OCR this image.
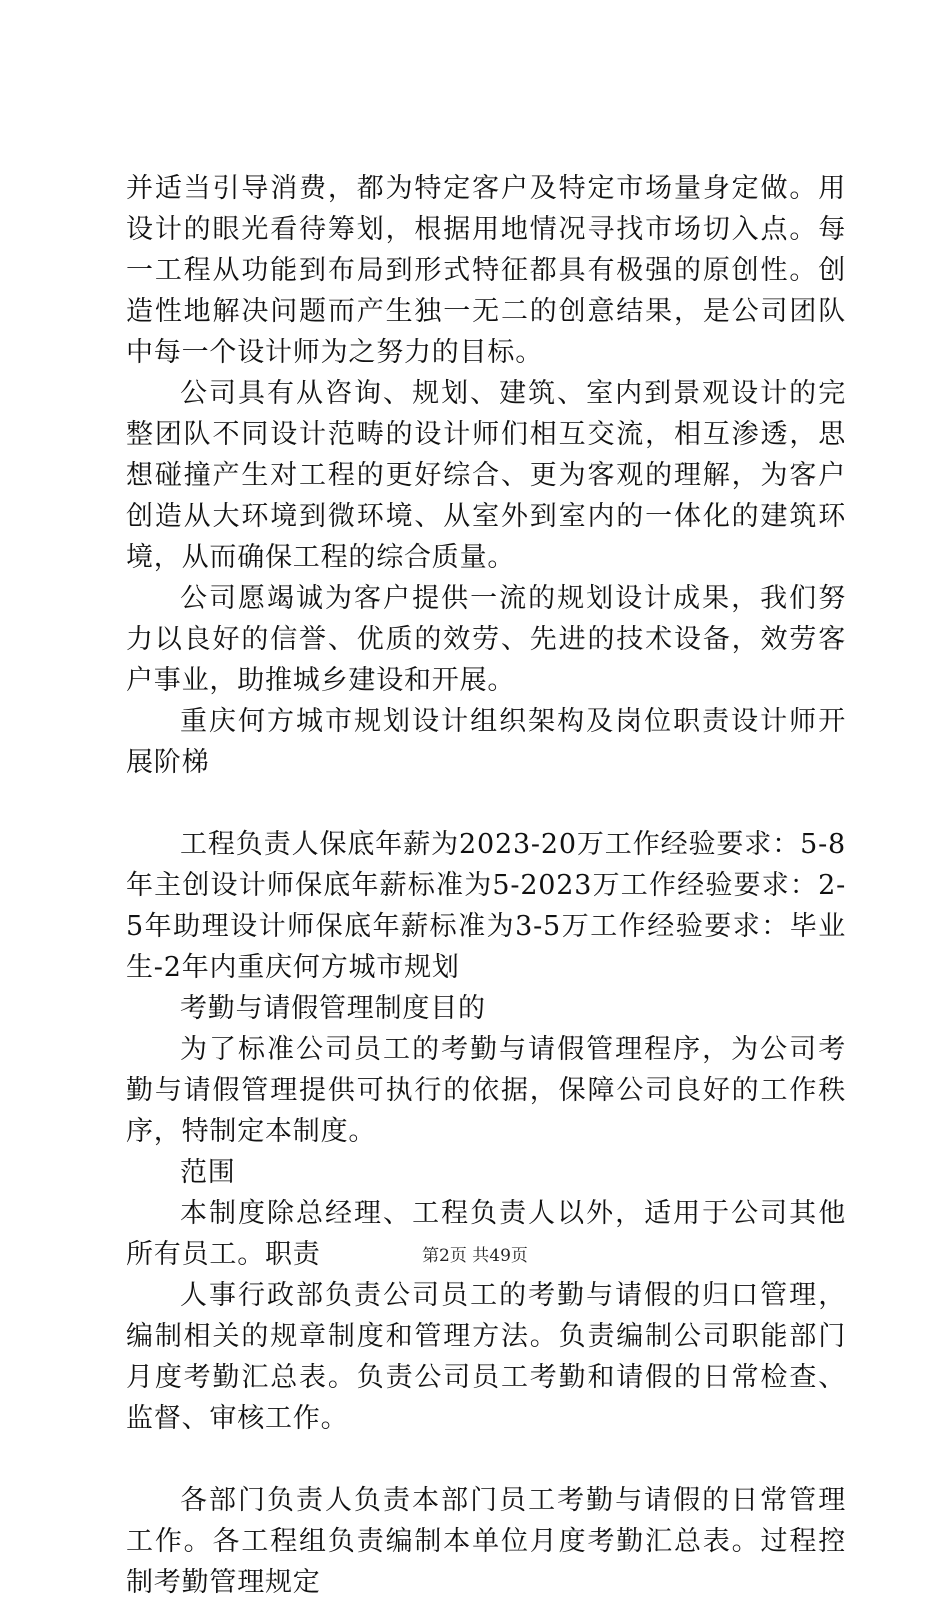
并适当引导消费，都为特定客户及特定市场量身定做。用设计的眼光看待筹划，根据用地情况寻找市场切入点。每一工程从功能到布局到形式特征都具有极强的原创性。创造性地解决问题而产生独一无二的创意结果，是公司团队中每一个设计师为之努力的目标。

公司具有从咨询、规划、建筑、室内到景观设计的完整团队不同设计范畴的设计师们相互交流，相互渗透，思想碰撞产生对工程的更好综合、更为客观的理解，为客户创造从大环境到微环境、从室外到室内的一体化的建筑环境，从而确保工程的综合质量。

公司愿竭诚为客户提供一流的规划设计成果，我们努力以良好的信誉、优质的效劳、先进的技术设备，效劳客户事业，助推城乡建设和开展。

重庆何方城市规划设计组织架构及岗位职责设计师开展阶梯

工程负责人保底年薪为2023-20万工作经验要求：5-8年主创设计师保底年薪标准为5-2023万工作经验要求：2-5年助理设计师保底年薪标准为3-5万工作经验要求：毕业生-2年内重庆何方城市规划

考勤与请假管理制度目的

为了标准公司员工的考勤与请假管理程序，为公司考勤与请假管理提供可执行的依据，保障公司良好的工作秩序，特制定本制度。

范围

本制度除总经理、工程负责人以外，适用于公司其他所有员工。职责

人事行政部负责公司员工的考勤与请假的归口管理，编制相关的规章制度和管理方法。负责编制公司职能部门月度考勤汇总表。负责公司员工考勤和请假的日常检查、监督、审核工作。

各部门负责人负责本部门员工考勤与请假的日常管理工作。各工程组负责编制本单位月度考勤汇总表。过程控制考勤管理规定

第2页 共49页
